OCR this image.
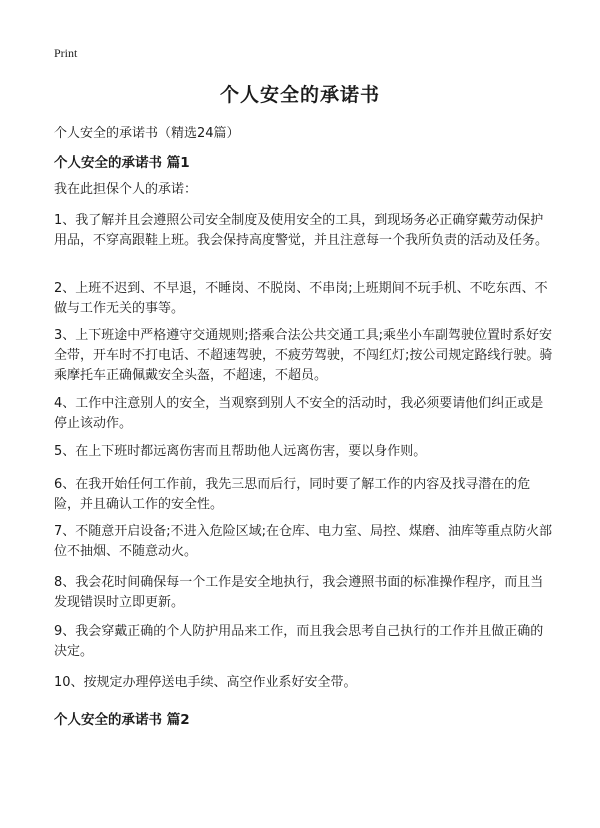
Print
个人安全的承诺书
个人安全的承诺书（精选24篇）
个人安全的承诺书 篇1
我在此担保个人的承诺：
1、我了解并且会遵照公司安全制度及使用安全的工具，到现场务必正确穿戴劳动保护用品，不穿高跟鞋上班。我会保持高度警觉，并且注意每一个我所负责的活动及任务。
2、上班不迟到、不早退，不睡岗、不脱岗、不串岗;上班期间不玩手机、不吃东西、不做与工作无关的事等。
3、上下班途中严格遵守交通规则;搭乘合法公共交通工具;乘坐小车副驾驶位置时系好安全带，开车时不打电话、不超速驾驶，不疲劳驾驶，不闯红灯;按公司规定路线行驶。骑乘摩托车正确佩戴安全头盔，不超速，不超员。
4、工作中注意别人的安全，当观察到别人不安全的活动时，我必须要请他们纠正或是停止该动作。
5、在上下班时都远离伤害而且帮助他人远离伤害，要以身作则。
6、在我开始任何工作前，我先三思而后行，同时要了解工作的内容及找寻潜在的危险，并且确认工作的安全性。
7、不随意开启设备;不进入危险区域;在仓库、电力室、局控、煤磨、油库等重点防火部位不抽烟、不随意动火。
8、我会花时间确保每一个工作是安全地执行，我会遵照书面的标准操作程序，而且当发现错误时立即更新。
9、我会穿戴正确的个人防护用品来工作，而且我会思考自己执行的工作并且做正确的决定。
10、按规定办理停送电手续、高空作业系好安全带。
个人安全的承诺书 篇2
